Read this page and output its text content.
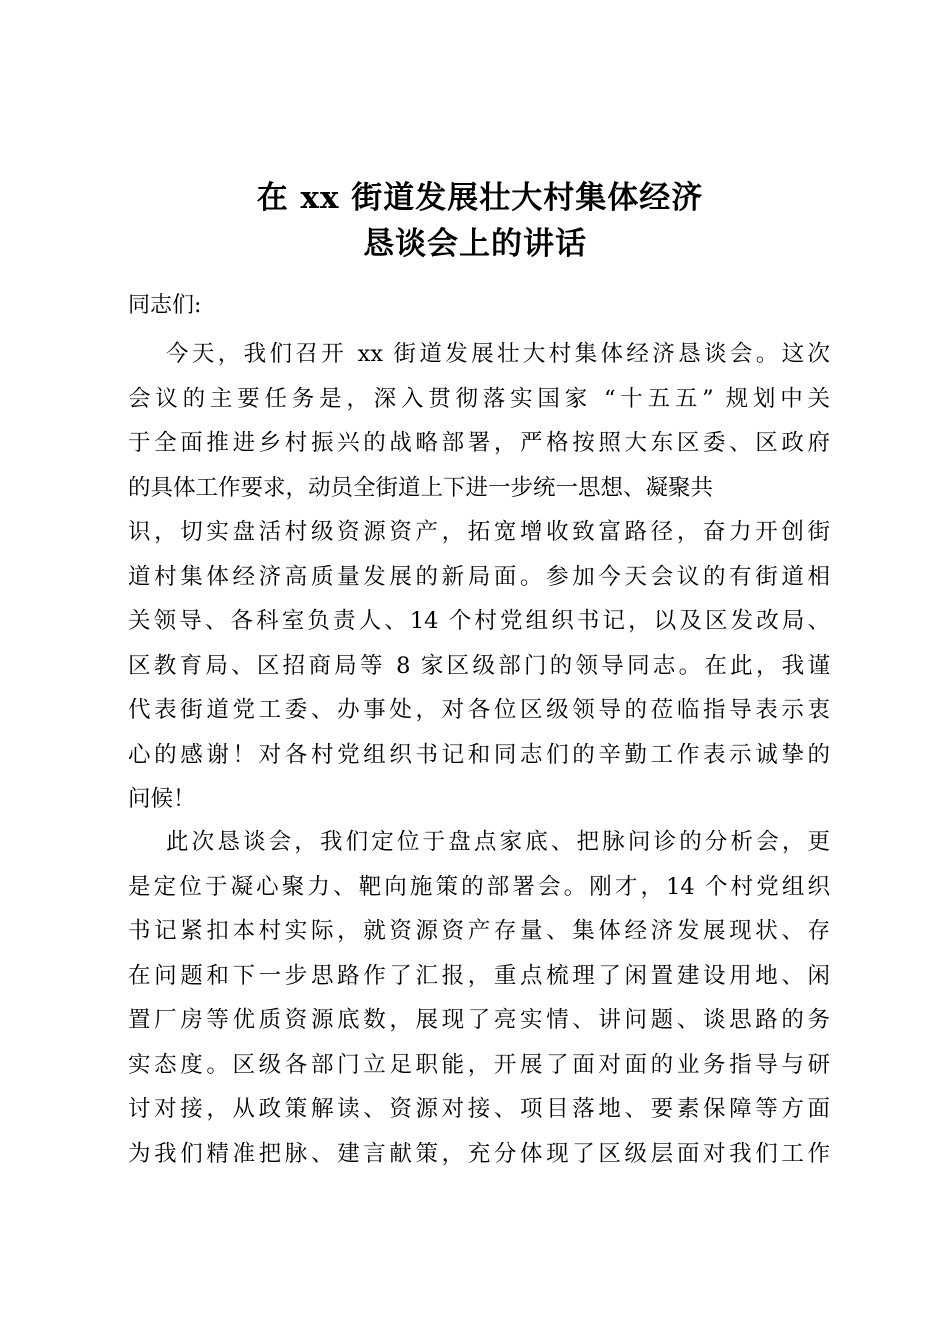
在 xx 街道发展壮大村集体经济
恳谈会上的讲话
同志们:
今天，我们召开 xx 街道发展壮大村集体经济恳谈会。这次
会议的主要任务是，深入贯彻落实国家 “十五五” 规划中关
于全面推进乡村振兴的战略部署，严格按照大东区委、区政府
的具体工作要求，动员全街道上下进一步统一思想、凝聚共
识，切实盘活村级资源资产，拓宽增收致富路径，奋力开创街
道村集体经济高质量发展的新局面。参加今天会议的有街道相
关领导、各科室负责人、14 个村党组织书记，以及区发改局、
区教育局、区招商局等 8 家区级部门的领导同志。在此，我谨
代表街道党工委、办事处，对各位区级领导的莅临指导表示衷
心的感谢！对各村党组织书记和同志们的辛勤工作表示诚挚的
问候！
此次恳谈会，我们定位于盘点家底、把脉问诊的分析会，更
是定位于凝心聚力、靶向施策的部署会。刚才，14 个村党组织
书记紧扣本村实际，就资源资产存量、集体经济发展现状、存
在问题和下一步思路作了汇报，重点梳理了闲置建设用地、闲
置厂房等优质资源底数，展现了亮实情、讲问题、谈思路的务
实态度。区级各部门立足职能，开展了面对面的业务指导与研
讨对接，从政策解读、资源对接、项目落地、要素保障等方面
为我们精准把脉、建言献策，充分体现了区级层面对我们工作
